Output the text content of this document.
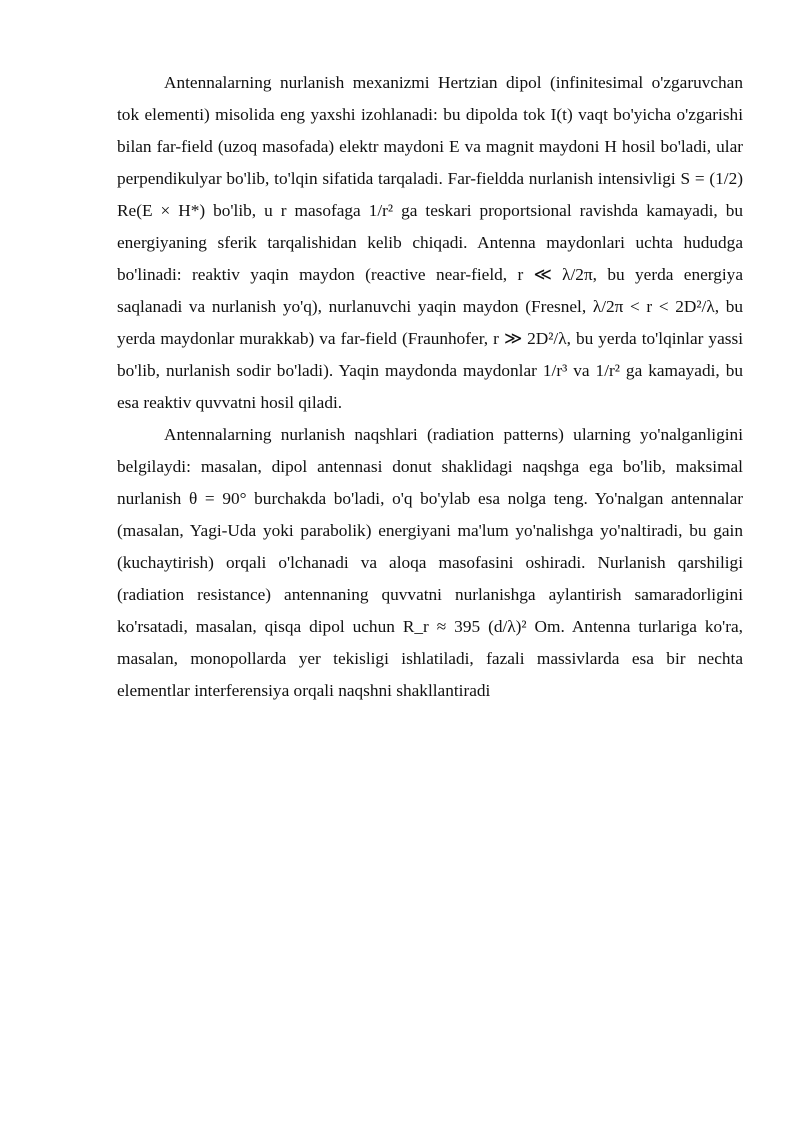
Antennalarning nurlanish mexanizmi Hertzian dipol (infinitesimal o'zgaruvchan tok elementi) misolida eng yaxshi izohlanadi: bu dipolda tok I(t) vaqt bo'yicha o'zgarishi bilan far-field (uzoq masofada) elektr maydoni E va magnit maydoni H hosil bo'ladi, ular perpendikulyar bo'lib, to'lqin sifatida tarqaladi. Far-fieldda nurlanish intensivligi S = (1/2) Re(E × H*) bo'lib, u r masofaga 1/r² ga teskari proportsional ravishda kamayadi, bu energiyaning sferik tarqalishidan kelib chiqadi. Antenna maydonlari uchta hududga bo'linadi: reaktiv yaqin maydon (reactive near-field, r ≪ λ/2π, bu yerda energiya saqlanadi va nurlanish yo'q), nurlanuvchi yaqin maydon (Fresnel, λ/2π < r < 2D²/λ, bu yerda maydonlar murakkab) va far-field (Fraunhofer, r ≫ 2D²/λ, bu yerda to'lqinlar yassi bo'lib, nurlanish sodir bo'ladi). Yaqin maydonda maydonlar 1/r³ va 1/r² ga kamayadi, bu esa reaktiv quvvatni hosil qiladi.

Antennalarning nurlanish naqshlari (radiation patterns) ularning yo'nalganligini belgilaydi: masalan, dipol antennasi donut shaklidagi naqshga ega bo'lib, maksimal nurlanish θ = 90° burchakda bo'ladi, o'q bo'ylab esa nolga teng. Yo'nalgan antennalar (masalan, Yagi-Uda yoki parabolik) energiyani ma'lum yo'nalishga yo'naltiradi, bu gain (kuchaytirish) orqali o'lchanadi va aloqa masofasini oshiradi. Nurlanish qarshiligi (radiation resistance) antennaning quvvatni nurlanishga aylantirish samaradorligini ko'rsatadi, masalan, qisqa dipol uchun R_r ≈ 395 (d/λ)² Om. Antenna turlariga ko'ra, masalan, monopollarda yer tekisligi ishlatiladi, fazali massivlarda esa bir nechta elementlar interferensiya orqali naqshni shakllantiradi
